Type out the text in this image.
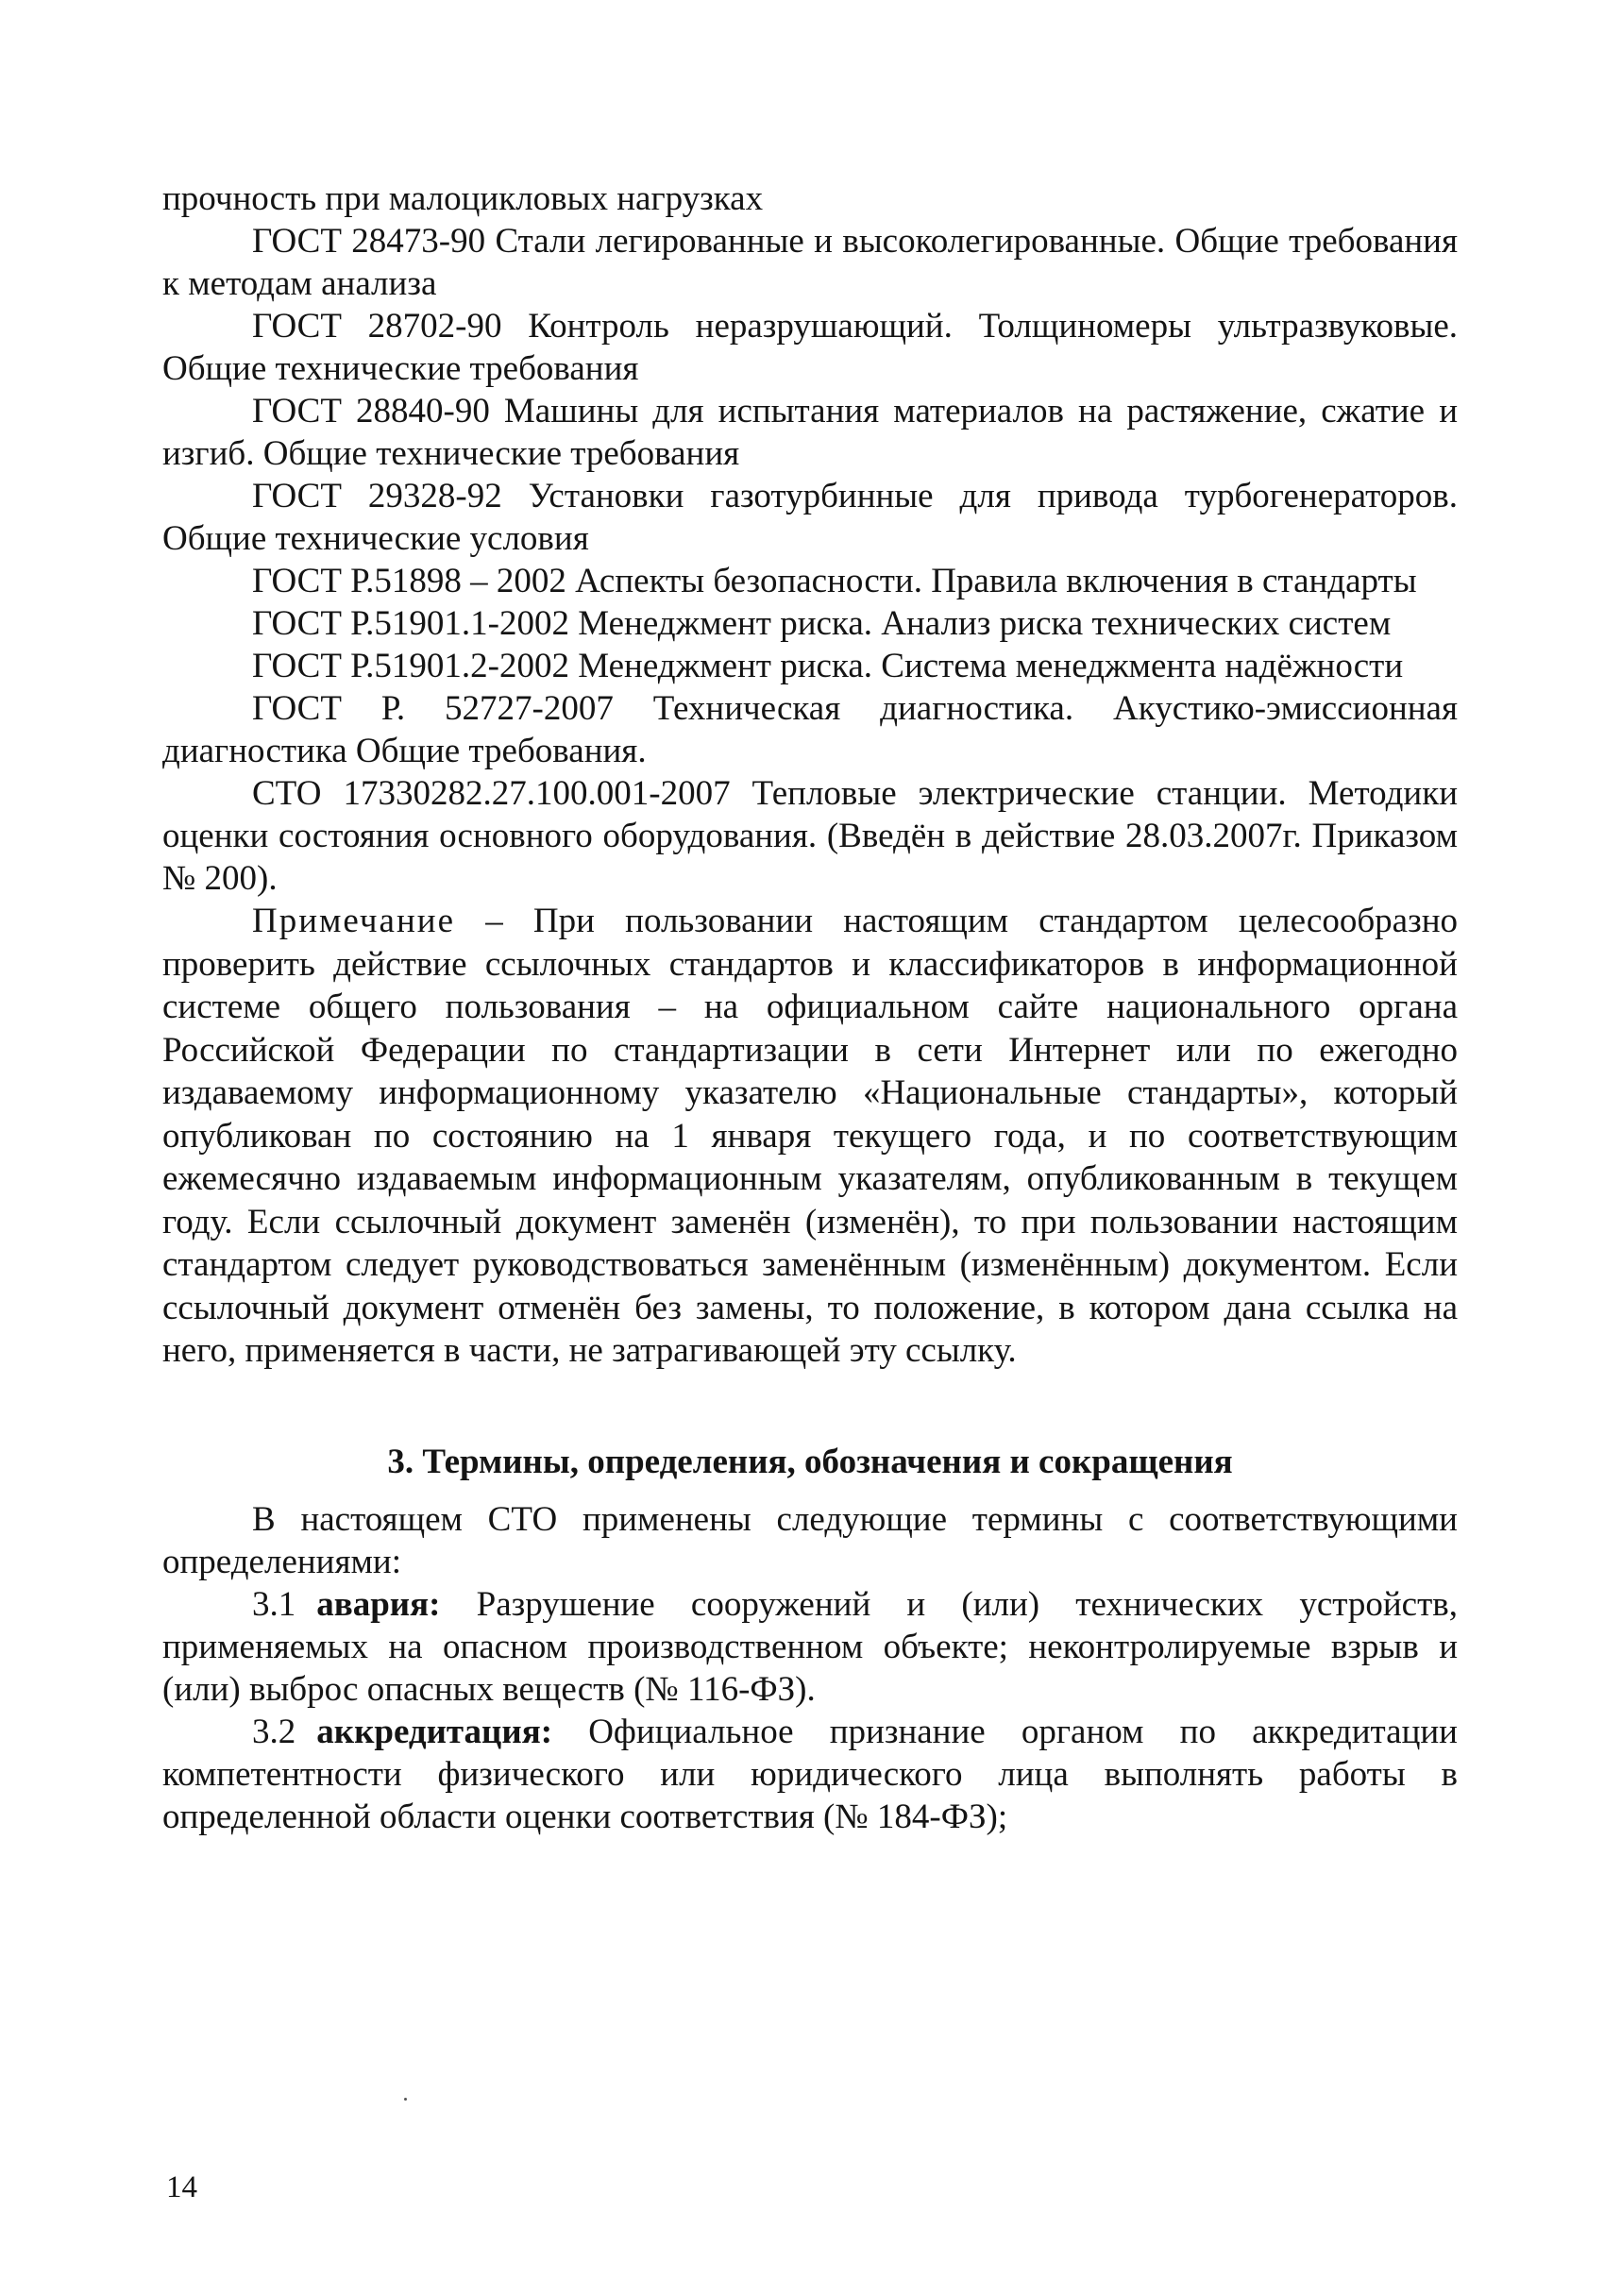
прочность при малоцикловых нагрузках

ГОСТ 28473-90 Стали легированные и высоколегированные. Общие требования к методам анализа

ГОСТ 28702-90 Контроль неразрушающий. Толщиномеры ультразвуковые. Общие технические требования

ГОСТ 28840-90 Машины для испытания материалов на растяжение, сжатие и изгиб. Общие технические требования

ГОСТ 29328-92 Установки газотурбинные для привода турбогенераторов. Общие технические условия

ГОСТ Р.51898 – 2002 Аспекты безопасности. Правила включения в стандарты

ГОСТ Р.51901.1-2002 Менеджмент риска. Анализ риска технических систем

ГОСТ Р.51901.2-2002 Менеджмент риска. Система менеджмента надёжности

ГОСТ Р. 52727-2007 Техническая диагностика. Акустико-эмиссионная диагностика Общие требования.

СТО 17330282.27.100.001-2007 Тепловые электрические станции. Методики оценки состояния основного оборудования. (Введён в действие 28.03.2007г. Приказом № 200).

Примечание – При пользовании настоящим стандартом целесообразно проверить действие ссылочных стандартов и классификаторов в информационной системе общего пользования – на официальном сайте национального органа Российской Федерации по стандартизации в сети Интернет или по ежегодно издаваемому информационному указателю «Национальные стандарты», который опубликован по состоянию на 1 января текущего года, и по соответствующим ежемесячно издаваемым информационным указателям, опубликованным в текущем году. Если ссылочный документ заменён (изменён), то при пользовании настоящим стандартом следует руководствоваться заменённым (изменённым) документом. Если ссылочный документ отменён без замены, то положение, в котором дана ссылка на него, применяется в части, не затрагивающей эту ссылку.

3. Термины, определения, обозначения и сокращения

В настоящем СТО применены следующие термины с соответствующими определениями:

3.1 авария: Разрушение сооружений и (или) технических устройств, применяемых на опасном производственном объекте; неконтролируемые взрыв и (или) выброс опасных веществ (№ 116-ФЗ).

3.2 аккредитация: Официальное признание органом по аккредитации компетентности физического или юридического лица выполнять работы в определенной области оценки соответствия (№ 184-ФЗ);

14
